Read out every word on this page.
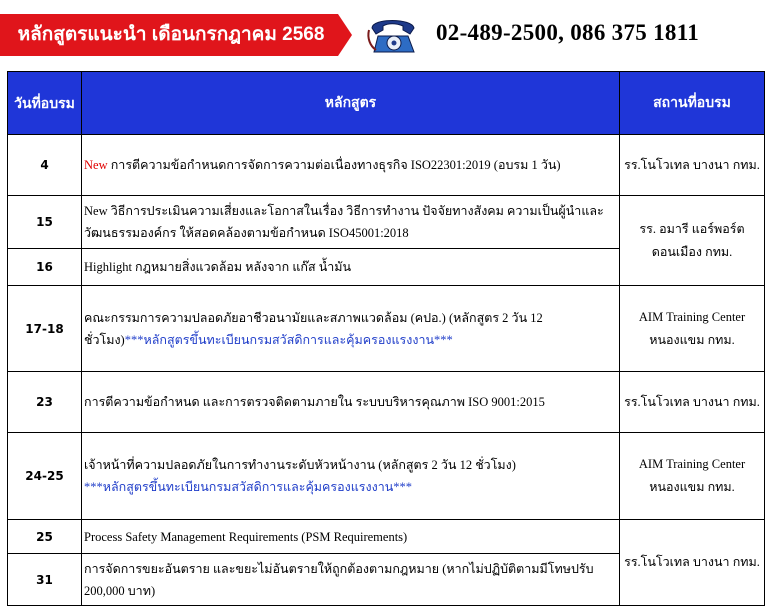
หลักสูตรแนะนำ เดือนกรกฎาคม 2568	02-489-2500, 086 375 1811
วันที่อบรม	หลักสูตร	สถานที่อบรม
4	New การตีความข้อกำหนดการจัดการความต่อเนื่องทางธุรกิจ ISO22301:2019 (อบรม 1 วัน)	รร.โนโวเทล บางนา กทม.
15	New วิธีการประเมินความเสี่ยงและโอกาสในเรื่อง วิธีการทำงาน ปัจจัยทางสังคม ความเป็นผู้นำและวัฒนธรรมองค์กร ให้สอดคล้องตามข้อกำหนด ISO45001:2018	รร. อมารี แอร์พอร์ต ดอนเมือง กทม.
16	Highlight กฎหมายสิ่งแวดล้อม หลังจาก แก๊ส น้ำมัน	
17-18	คณะกรรมการความปลอดภัยอาชีวอนามัยและสภาพแวดล้อม (คปอ.) (หลักสูตร 2 วัน 12 ชั่วโมง)***หลักสูตรขึ้นทะเบียนกรมสวัสดิการและคุ้มครองแรงงาน***	AIM Training Center หนองแขม กทม.
23	การตีความข้อกำหนด และการตรวจติดตามภายใน ระบบบริหารคุณภาพ ISO 9001:2015	รร.โนโวเทล บางนา กทม.
24-25	เจ้าหน้าที่ความปลอดภัยในการทำงานระดับหัวหน้างาน (หลักสูตร 2 วัน 12 ชั่วโมง)
***หลักสูตรขึ้นทะเบียนกรมสวัสดิการและคุ้มครองแรงงาน***	AIM Training Center หนองแขม กทม.
25	Process Safety Management Requirements (PSM Requirements)	รร.โนโวเทล บางนา กทม.
31	การจัดการขยะอันตราย และขยะไม่อันตรายให้ถูกต้องตามกฎหมาย (หากไม่ปฏิบัติตามมีโทษปรับ 200,000 บาท)	
